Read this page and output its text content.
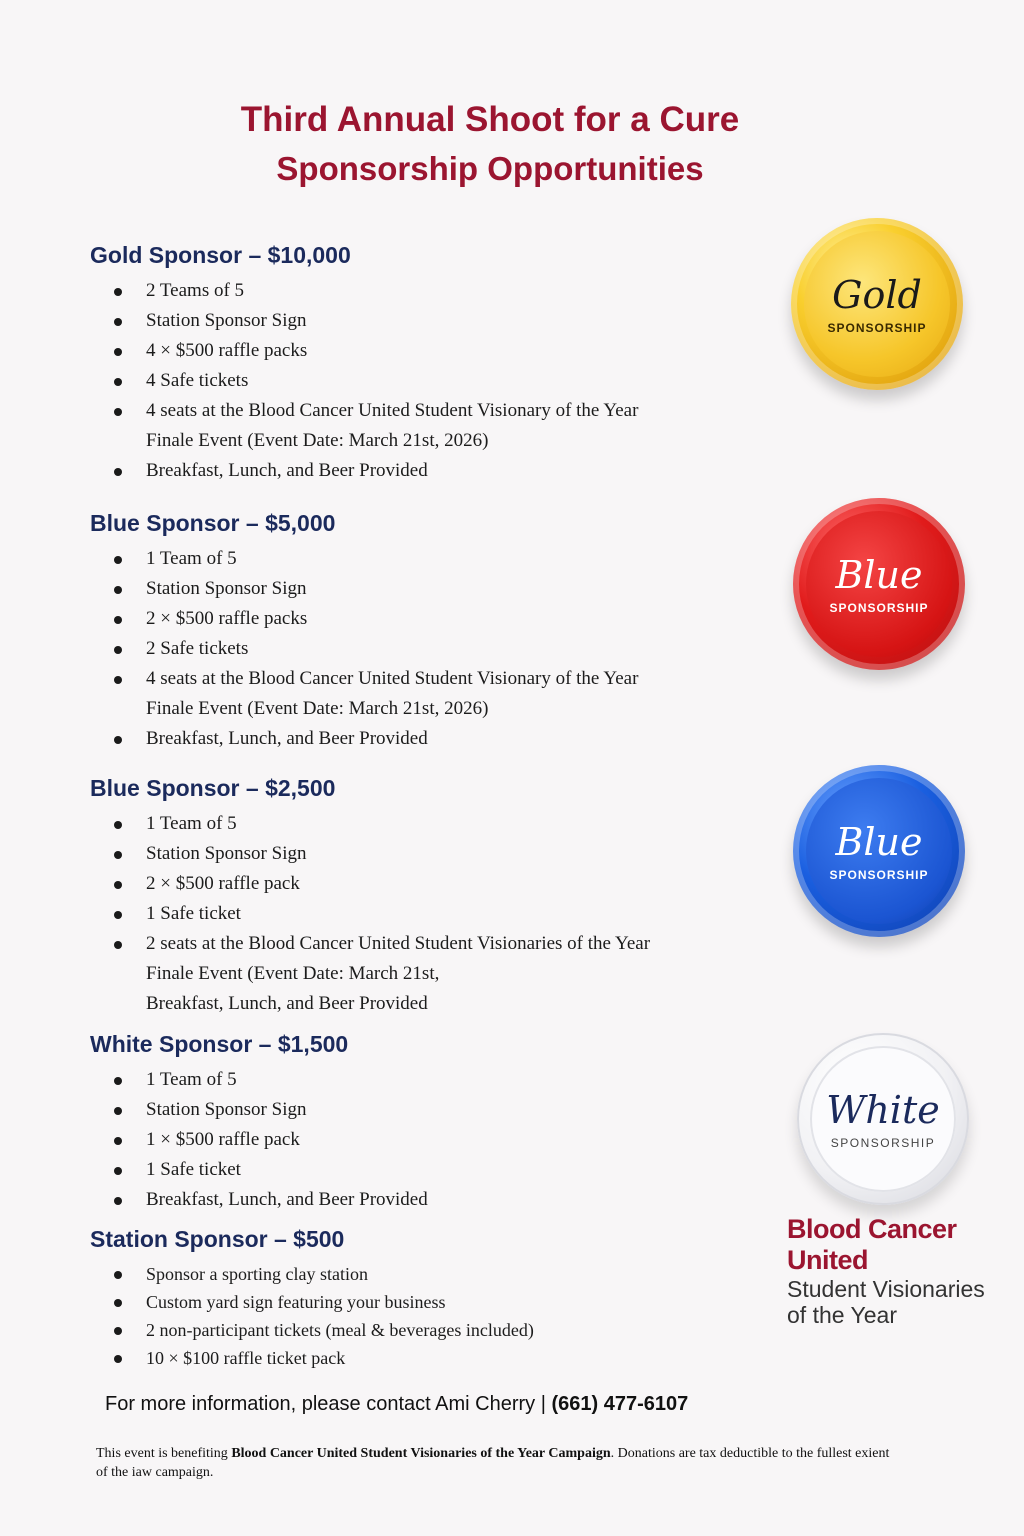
Third Annual Shoot for a Cure
Sponsorship Opportunities
Gold Sponsor – $10,000
2 Teams of 5
Station Sponsor Sign
4 × $500 raffle packs
4 Safe tickets
4 seats at the Blood Cancer United Student Visionary of the Year
Finale Event (Event Date: March 21st, 2026)
Breakfast, Lunch, and Beer Provided
Blue Sponsor – $5,000
1 Team of 5
Station Sponsor Sign
2 × $500 raffle packs
2 Safe tickets
4 seats at the Blood Cancer United Student Visionary of the Year
Finale Event (Event Date: March 21st, 2026)
Breakfast, Lunch, and Beer Provided
Blue Sponsor – $2,500
1 Team of 5
Station Sponsor Sign
2 × $500 raffle pack
1 Safe ticket
2 seats at the Blood Cancer United Student Visionaries of the Year
Finale Event (Event Date: March 21st,
Breakfast, Lunch, and Beer Provided
White Sponsor – $1,500
1 Team of 5
Station Sponsor Sign
1 × $500 raffle pack
1 Safe ticket
Breakfast, Lunch, and Beer Provided
Station Sponsor – $500
Sponsor a sporting clay station
Custom yard sign featuring your business
2 non-participant tickets (meal & beverages included)
10 × $100 raffle ticket pack
Gold
SPONSORSHIP
Blue
SPONSORSHIP
Blue
SPONSORSHIP
White
SPONSORSHIP
Blood Cancer
United
Student Visionaries
of the Year
For more information, please contact Ami Cherry | (661) 477-6107
This event is benefiting Blood Cancer United Student Visionaries of the Year Campaign. Donations are tax deductible to the fullest exient of the iaw campaign.
